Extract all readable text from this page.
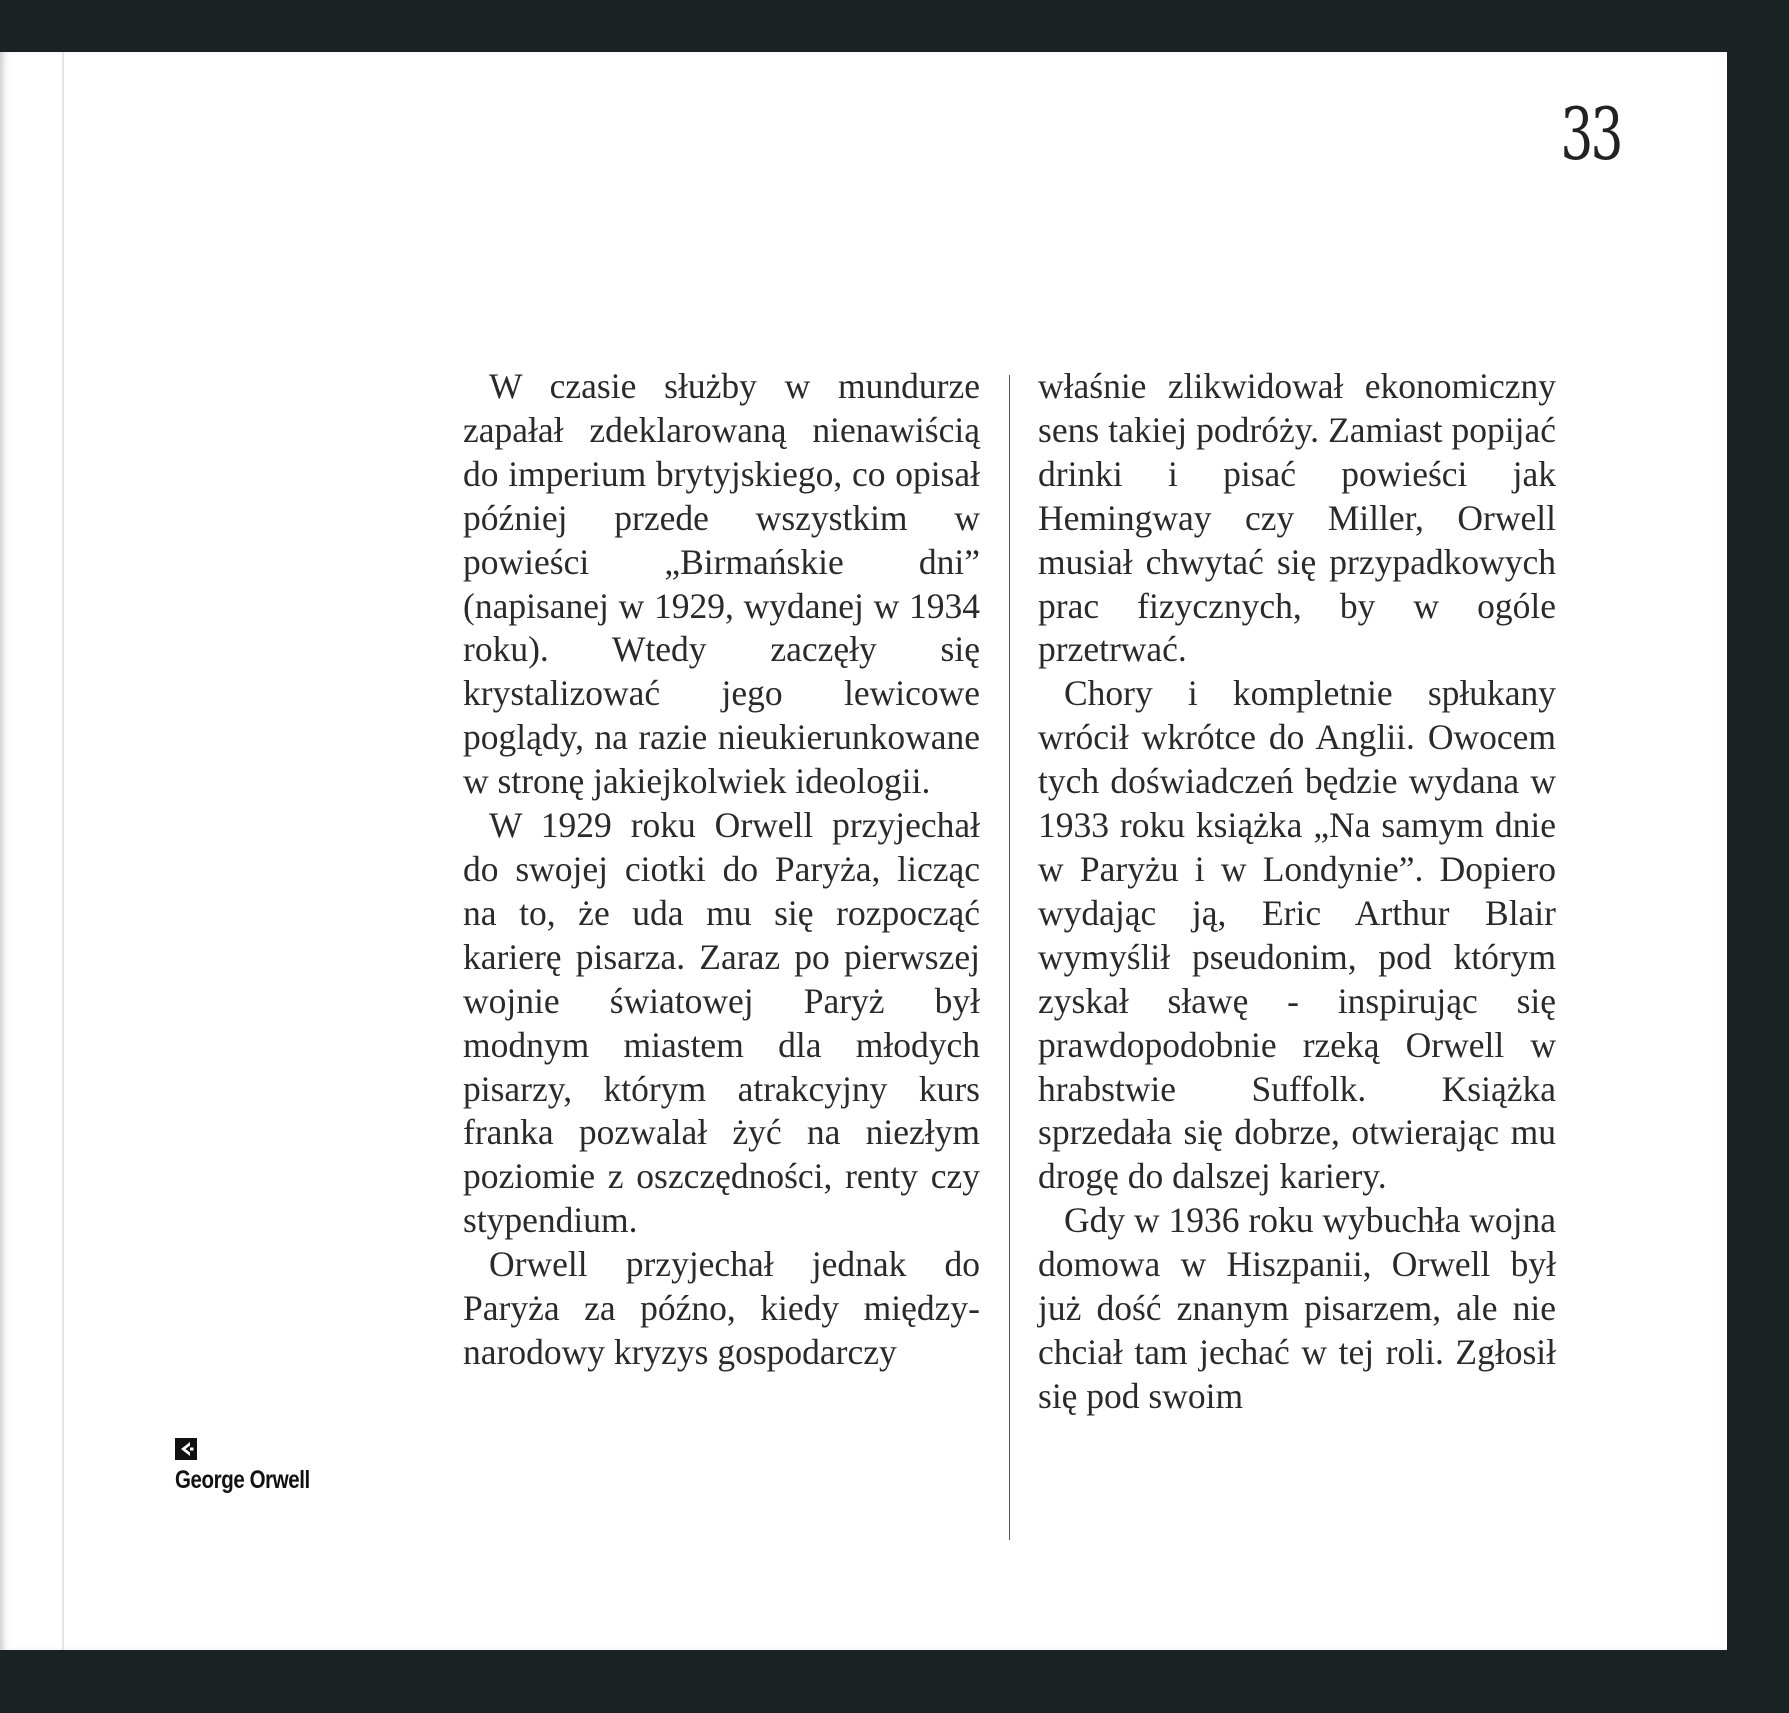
33

W czasie służby w mundurze zapałał zdeklarowaną nienawiścią do imperium brytyjskiego, co opisał później przede wszystkim w powieści „Birmańskie dni” (napisanej w 1929, wydanej w 1934 roku). Wtedy zaczęły się krystalizować jego lewicowe poglądy, na razie nieukierunkowane w stronę jakiejkolwiek ideologii.

W 1929 roku Orwell przyjechał do swojej ciotki do Paryża, licząc na to, że uda mu się rozpocząć karierę pisarza. Zaraz po pierwszej wojnie światowej Paryż był modnym miastem dla młodych pisarzy, którym atrakcyjny kurs franka pozwalał żyć na niezłym poziomie z oszczędności, renty czy stypendium.

Orwell przyjechał jednak do Paryża za późno, kiedy międzynarodowy kryzys gospodarczy

właśnie zlikwidował ekonomiczny sens takiej podróży. Zamiast popijać drinki i pisać powieści jak Hemingway czy Miller, Orwell musiał chwytać się przypadkowych prac fizycznych, by w ogóle przetrwać.

Chory i kompletnie spłukany wrócił wkrótce do Anglii. Owocem tych doświadczeń będzie wydana w 1933 roku książka „Na samym dnie w Paryżu i w Londynie”. Dopiero wydając ją, Eric Arthur Blair wymyślił pseudonim, pod którym zyskał sławę - inspirując się prawdopodobnie rzeką Orwell w hrabstwie Suffolk. Książka sprzedała się dobrze, otwierając mu drogę do dalszej kariery.

Gdy w 1936 roku wybuchła wojna domowa w Hiszpanii, Orwell był już dość znanym pisarzem, ale nie chciał tam jechać w tej roli. Zgłosił się pod swoim

George Orwell
